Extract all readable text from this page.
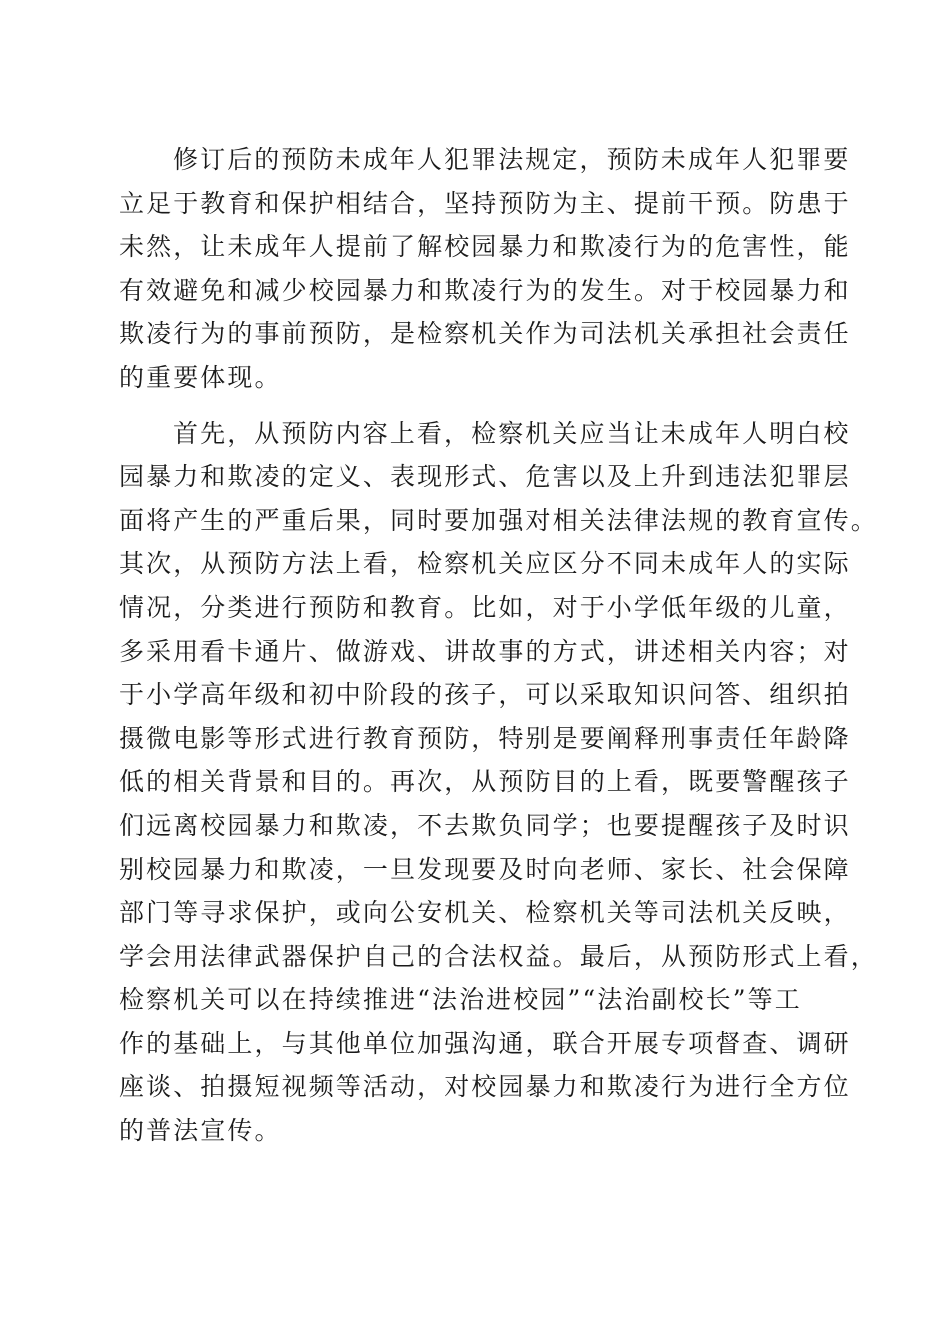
修订后的预防未成年人犯罪法规定，预防未成年人犯罪要
立足于教育和保护相结合，坚持预防为主、提前干预。防患于
未然，让未成年人提前了解校园暴力和欺凌行为的危害性，能
有效避免和减少校园暴力和欺凌行为的发生。对于校园暴力和
欺凌行为的事前预防，是检察机关作为司法机关承担社会责任
的重要体现。

首先，从预防内容上看，检察机关应当让未成年人明白校
园暴力和欺凌的定义、表现形式、危害以及上升到违法犯罪层
面将产生的严重后果，同时要加强对相关法律法规的教育宣传。
其次，从预防方法上看，检察机关应区分不同未成年人的实际
情况，分类进行预防和教育。比如，对于小学低年级的儿童，
多采用看卡通片、做游戏、讲故事的方式，讲述相关内容；对
于小学高年级和初中阶段的孩子，可以采取知识问答、组织拍
摄微电影等形式进行教育预防，特别是要阐释刑事责任年龄降
低的相关背景和目的。再次，从预防目的上看，既要警醒孩子
们远离校园暴力和欺凌，不去欺负同学；也要提醒孩子及时识
别校园暴力和欺凌，一旦发现要及时向老师、家长、社会保障
部门等寻求保护，或向公安机关、检察机关等司法机关反映，
学会用法律武器保护自己的合法权益。最后，从预防形式上看，
检察机关可以在持续推进“法治进校园”“法治副校长”等工
作的基础上，与其他单位加强沟通，联合开展专项督查、调研
座谈、拍摄短视频等活动，对校园暴力和欺凌行为进行全方位
的普法宣传。
